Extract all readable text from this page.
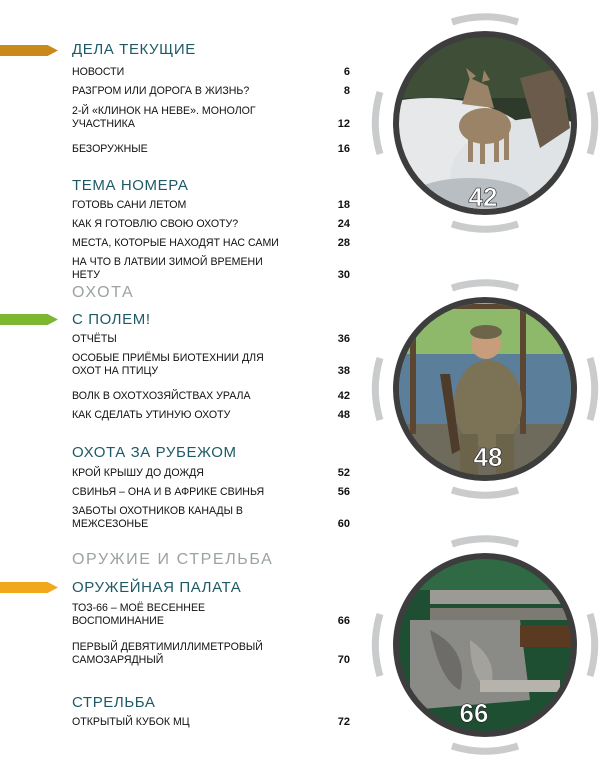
ДЕЛА ТЕКУЩИЕ
НОВОСТИ	6
РАЗГРОМ ИЛИ ДОРОГА В ЖИЗНЬ?	8
2-Й «КЛИНОК НА НЕВЕ». МОНОЛОГ УЧАСТНИКА	12
БЕЗОРУЖНЫЕ	16
ТЕМА НОМЕРА
ГОТОВЬ САНИ ЛЕТОМ	18
КАК Я ГОТОВЛЮ СВОЮ ОХОТУ?	24
МЕСТА, КОТОРЫЕ НАХОДЯТ НАС САМИ	28
НА ЧТО В ЛАТВИИ ЗИМОЙ ВРЕМЕНИ НЕТУ	30
ОХОТА
С ПОЛЕМ!
ОТЧЁТЫ	36
ОСОБЫЕ ПРИЁМЫ БИОТЕХНИИ ДЛЯ ОХОТ НА ПТИЦУ	38
ВОЛК В ОХОТХОЗЯЙСТВАХ УРАЛА	42
КАК СДЕЛАТЬ УТИНУЮ ОХОТУ	48
ОХОТА ЗА РУБЕЖОМ
КРОЙ КРЫШУ ДО ДОЖДЯ	52
СВИНЬЯ – ОНА И В АФРИКЕ СВИНЬЯ	56
ЗАБОТЫ ОХОТНИКОВ КАНАДЫ В МЕЖСЕЗОНЬЕ	60
ОРУЖИЕ И СТРЕЛЬБА
ОРУЖЕЙНАЯ ПАЛАТА
ТОЗ-66 – МОЁ ВЕСЕННЕЕ ВОСПОМИНАНИЕ	66
ПЕРВЫЙ ДЕВЯТИМИЛЛИМЕТРОВЫЙ САМОЗАРЯДНЫЙ	70
СТРЕЛЬБА
ОТКРЫТЫЙ КУБОК МЦ	72
42
48
66
